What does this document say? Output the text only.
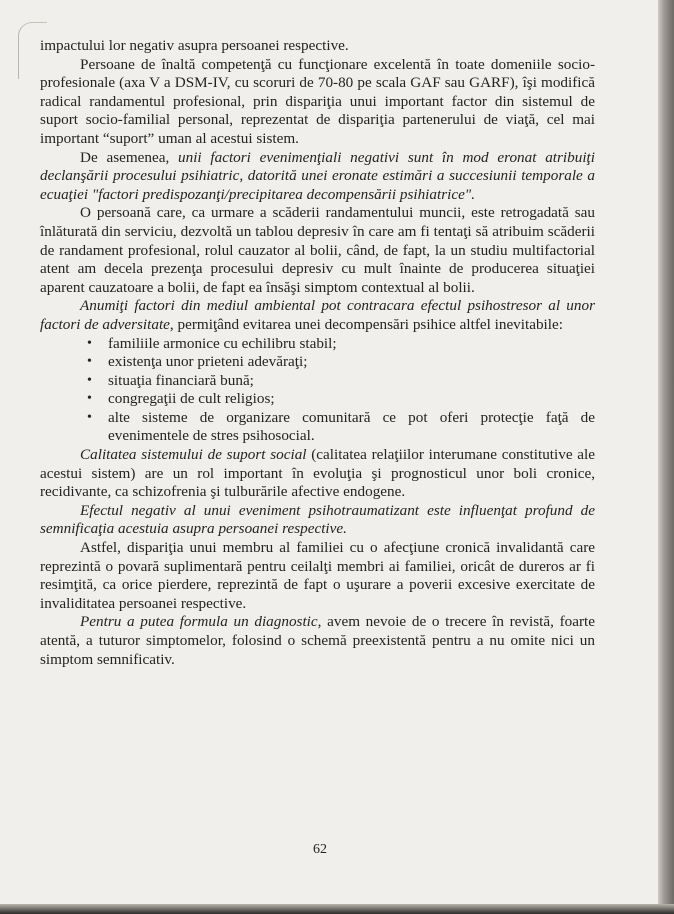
impactului lor negativ asupra persoanei respective.

Persoane de înaltă competenţă cu funcţionare excelentă în toate domeniile socio-profesionale (axa V a DSM-IV, cu scoruri de 70-80 pe scala GAF sau GARF), îşi modifică radical randamentul profesional, prin dispariţia unui important factor din sistemul de suport socio-familial personal, reprezentat de dispariţia partenerului de viaţă, cel mai important “suport” uman al acestui sistem.

De asemenea, unii factori evenimenţiali negativi sunt în mod eronat atribuiţi declanşării procesului psihiatric, datorită unei eronate estimări a succesiunii temporale a ecuaţiei "factori predispozanţi/precipitarea decompensării psihiatrice".

O persoană care, ca urmare a scăderii randamentului muncii, este retrogadată sau înlăturată din serviciu, dezvoltă un tablou depresiv în care am fi tentaţi să atribuim scăderii de randament profesional, rolul cauzator al bolii, când, de fapt, la un studiu multifactorial atent am decela prezenţa procesului depresiv cu mult înainte de producerea situaţiei aparent cauzatoare a bolii, de fapt ea însăşi simptom contextual al bolii.

Anumiţi factori din mediul ambiental pot contracara efectul psihostresor al unor factori de adversitate, permiţând evitarea unei decompensări psihice altfel inevitabile:

• familiile armonice cu echilibru stabil;
• existenţa unor prieteni adevăraţi;
• situaţia financiară bună;
• congregaţii de cult religios;
• alte sisteme de organizare comunitară ce pot oferi protecţie faţă de evenimentele de stres psihosocial.

Calitatea sistemului de suport social (calitatea relaţiilor interumane constitutive ale acestui sistem) are un rol important în evoluţia şi prognosticul unor boli cronice, recidivante, ca schizofrenia şi tulburările afective endogene.

Efectul negativ al unui eveniment psihotraumatizant este influenţat profund de semnificaţia acestuia asupra persoanei respective.

Astfel, dispariţia unui membru al familiei cu o afecţiune cronică invalidantă care reprezintă o povară suplimentară pentru ceilalţi membri ai familiei, oricât de dureros ar fi resimţită, ca orice pierdere, reprezintă de fapt o uşurare a poverii excesive exercitate de invaliditatea persoanei respective.

Pentru a putea formula un diagnostic, avem nevoie de o trecere în revistă, foarte atentă, a tuturor simptomelor, folosind o schemă preexistentă pentru a nu omite nici un simptom semnificativ.

62
